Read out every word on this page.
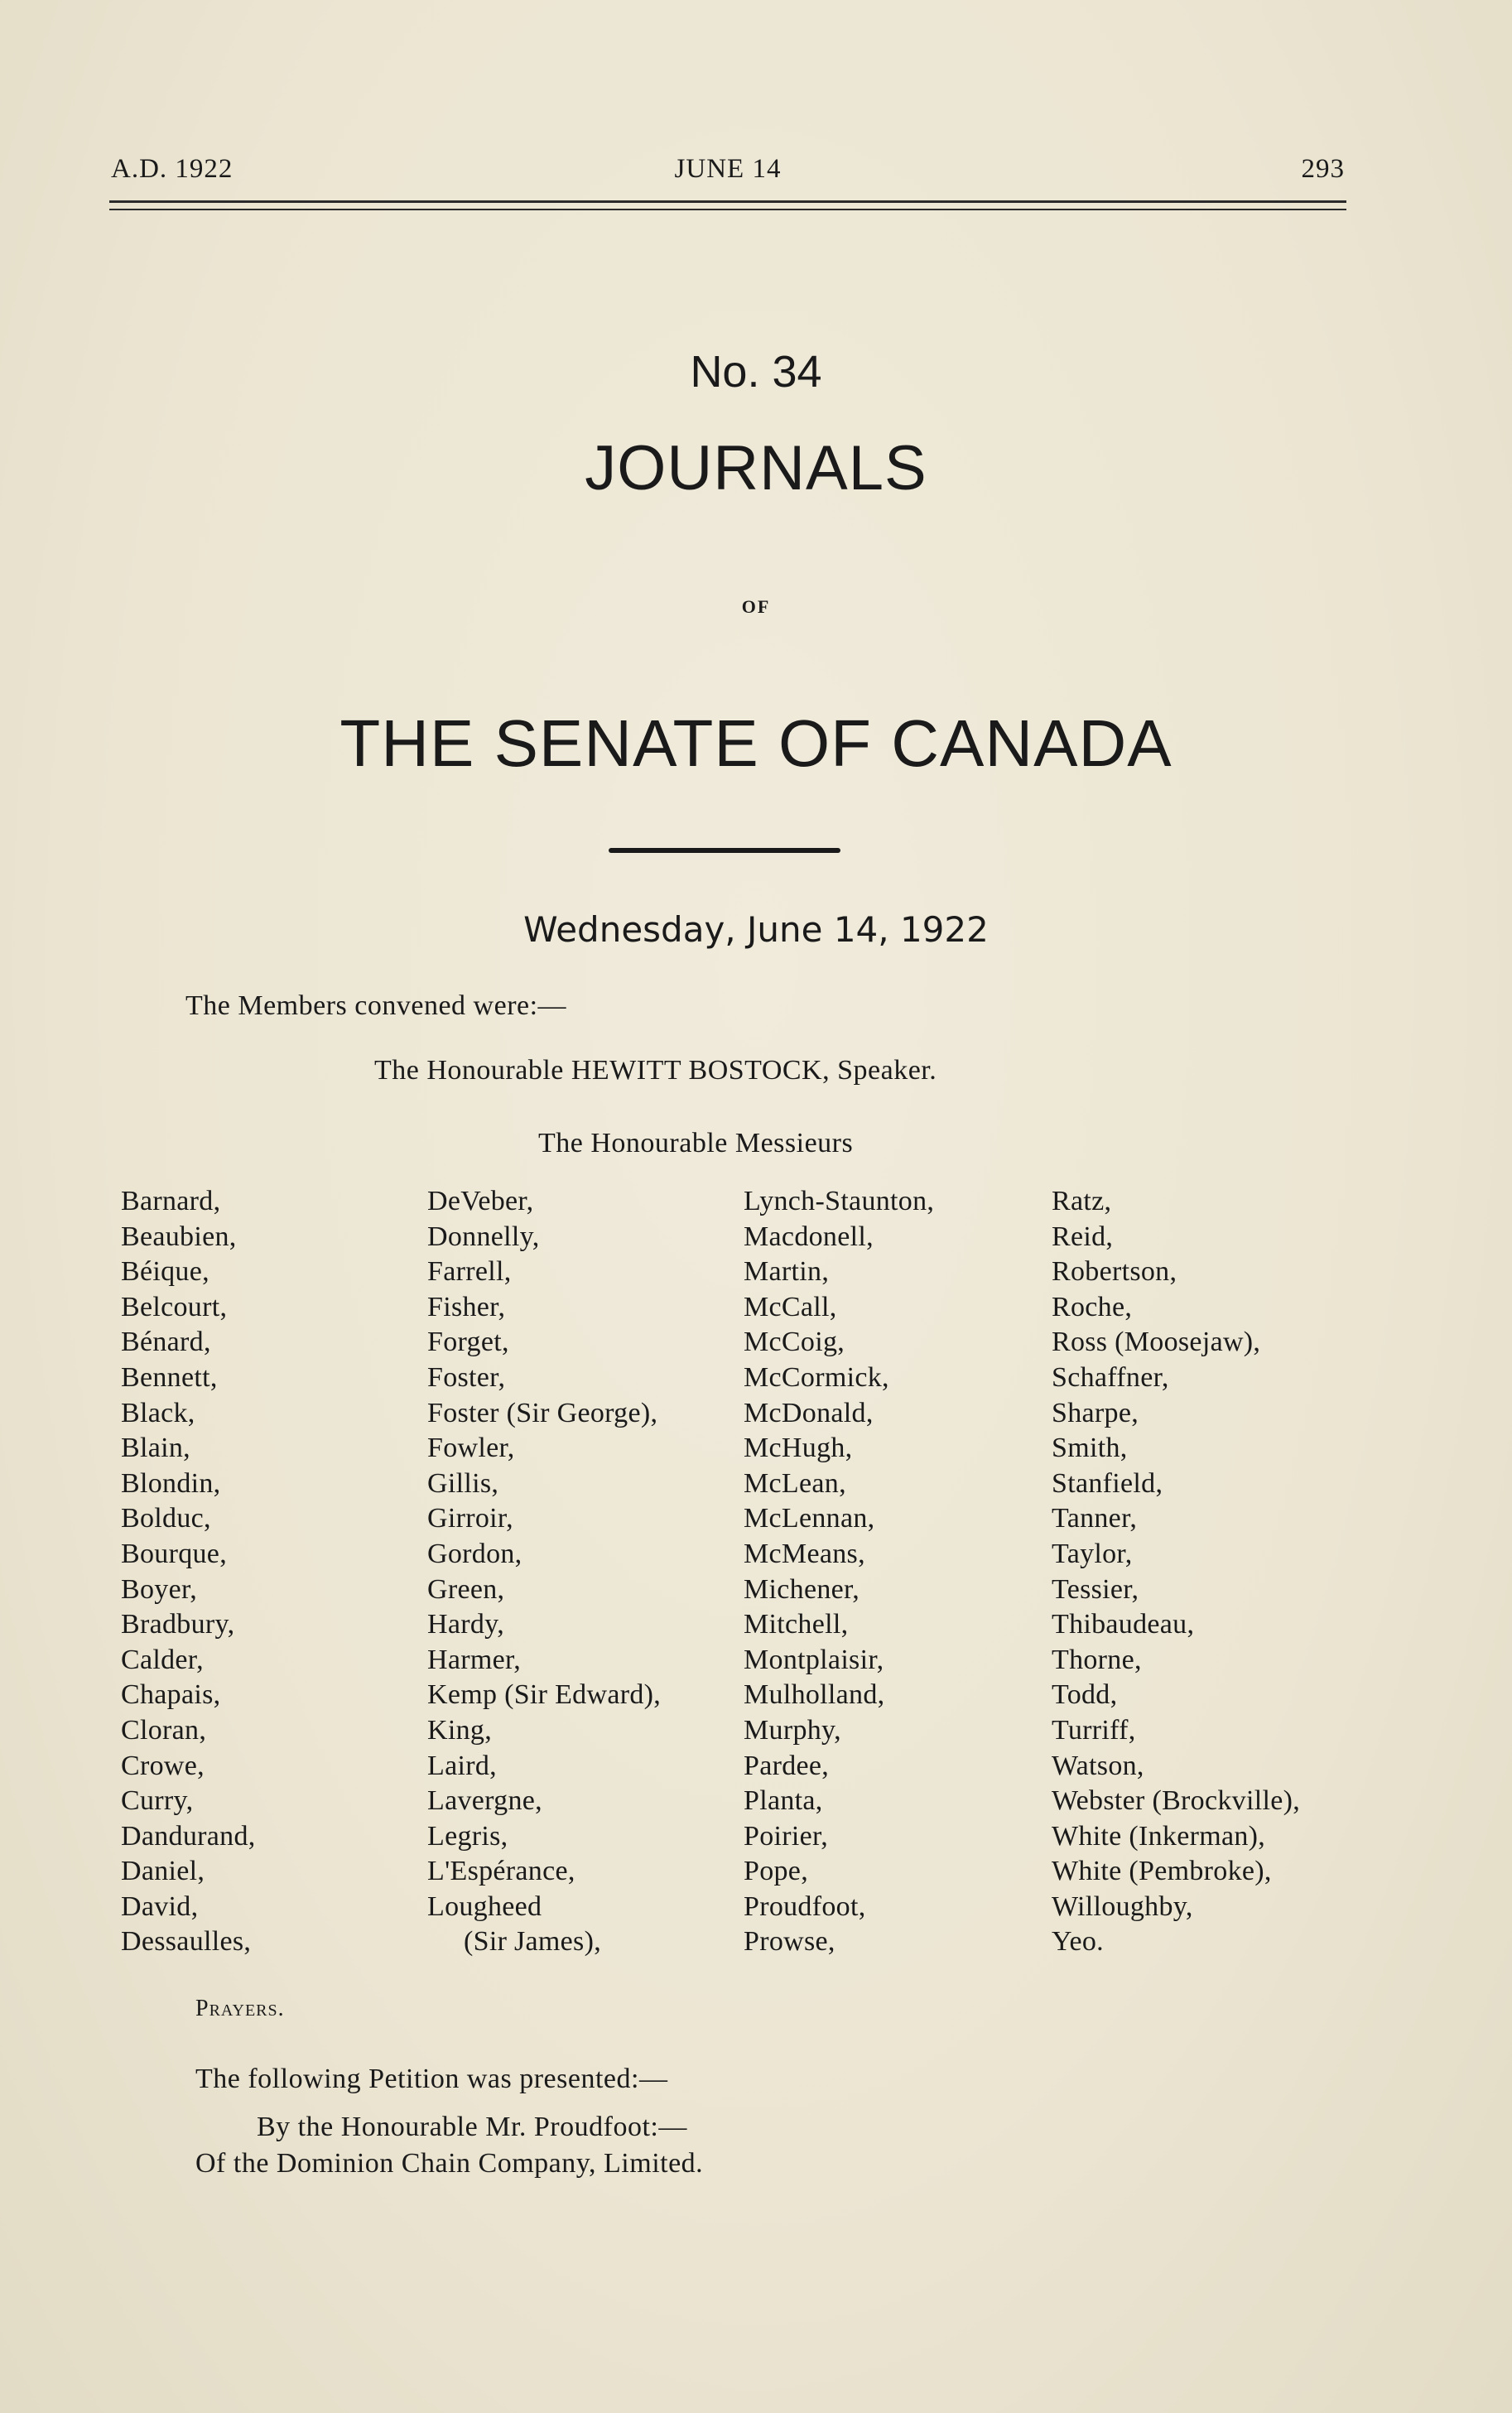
A.D. 1922	JUNE 14	293
No. 34
JOURNALS
OF
THE SENATE OF CANADA
Wednesday, June 14, 1922
The Members convened were:—
The Honourable HEWITT BOSTOCK, Speaker.
The Honourable Messieurs
Barnard,
Beaubien,
Béique,
Belcourt,
Bénard,
Bennett,
Black,
Blain,
Blondin,
Bolduc,
Bourque,
Boyer,
Bradbury,
Calder,
Chapais,
Cloran,
Crowe,
Curry,
Dandurand,
Daniel,
David,
Dessaulles,
DeVeber,
Donnelly,
Farrell,
Fisher,
Forget,
Foster,
Foster (Sir George),
Fowler,
Gillis,
Girroir,
Gordon,
Green,
Hardy,
Harmer,
Kemp (Sir Edward),
King,
Laird,
Lavergne,
Legris,
L'Espérance,
Lougheed
(Sir James),
Lynch-Staunton,
Macdonell,
Martin,
McCall,
McCoig,
McCormick,
McDonald,
McHugh,
McLean,
McLennan,
McMeans,
Michener,
Mitchell,
Montplaisir,
Mulholland,
Murphy,
Pardee,
Planta,
Poirier,
Pope,
Proudfoot,
Prowse,
Ratz,
Reid,
Robertson,
Roche,
Ross (Moosejaw),
Schaffner,
Sharpe,
Smith,
Stanfield,
Tanner,
Taylor,
Tessier,
Thibaudeau,
Thorne,
Todd,
Turriff,
Watson,
Webster (Brockville),
White (Inkerman),
White (Pembroke),
Willoughby,
Yeo.
Prayers.
The following Petition was presented:—
By the Honourable Mr. Proudfoot:—
Of the Dominion Chain Company, Limited.
